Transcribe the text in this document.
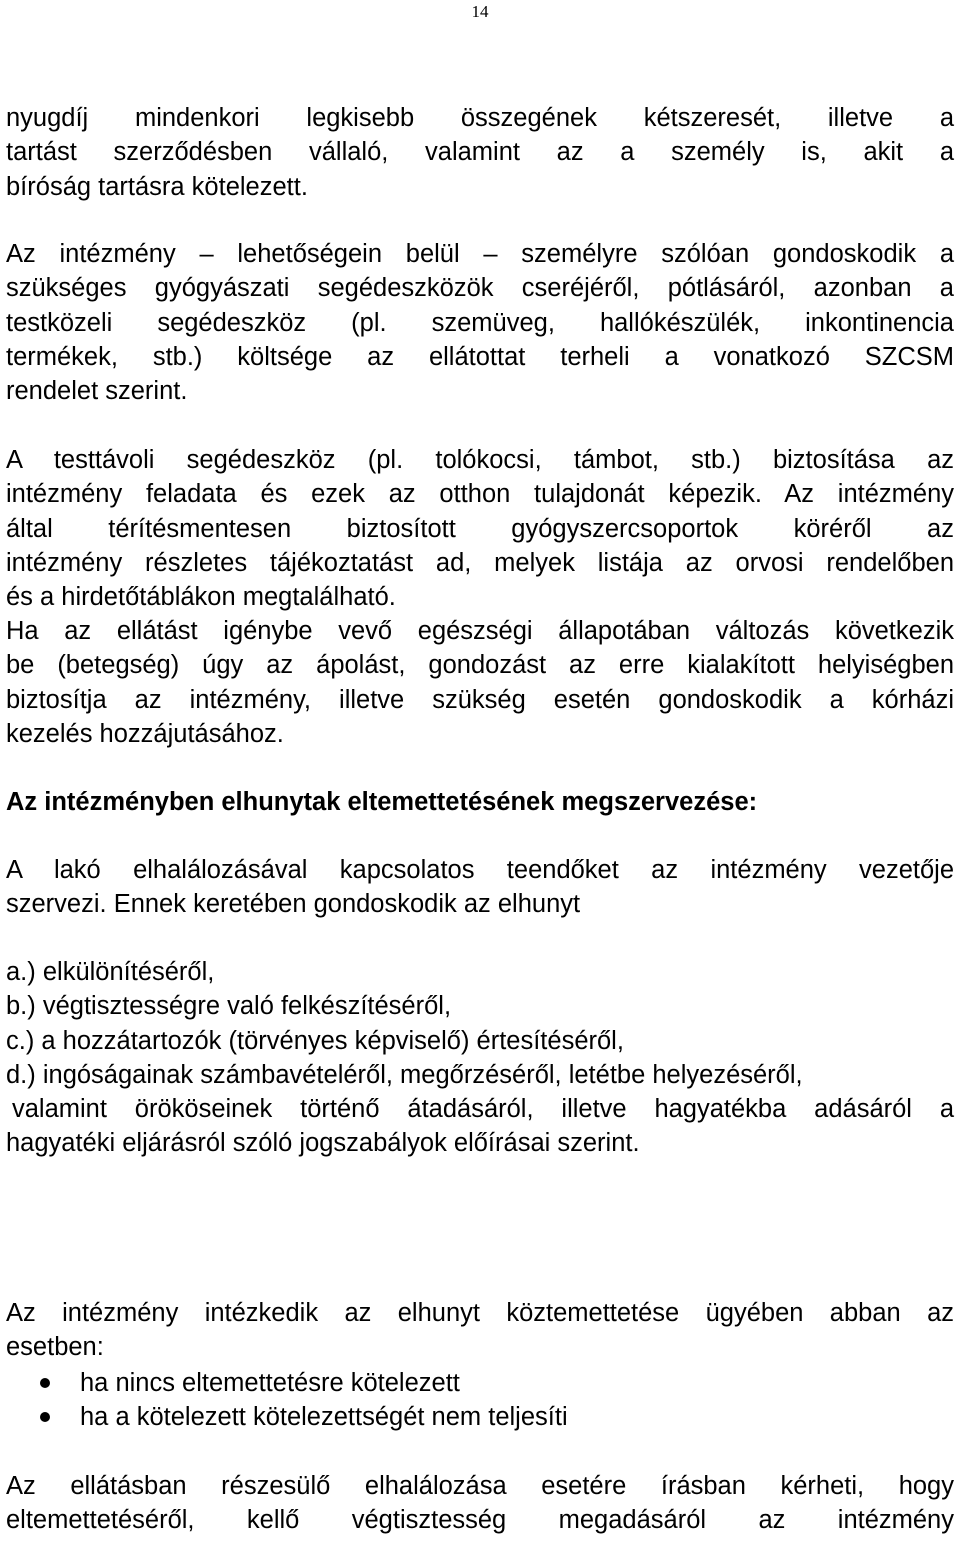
14
nyugdíj mindenkori legkisebb összegének kétszeresét, illetve a
tartást szerződésben vállaló, valamint az a személy is, akit a
bíróság tartásra kötelezett.
Az intézmény – lehetőségein belül – személyre szólóan gondoskodik a
szükséges gyógyászati segédeszközök cseréjéről, pótlásáról, azonban a
testközeli segédeszköz (pl. szemüveg, hallókészülék, inkontinencia
termékek, stb.) költsége az ellátottat terheli a vonatkozó SZCSM
rendelet szerint.
A testtávoli segédeszköz (pl. tolókocsi, támbot, stb.) biztosítása az
intézmény feladata és ezek az otthon tulajdonát képezik. Az intézmény
által térítésmentesen biztosított gyógyszercsoportok köréről az
intézmény részletes tájékoztatást ad, melyek listája az orvosi rendelőben
és a hirdetőtáblákon megtalálható.
Ha az ellátást igénybe vevő egészségi állapotában változás következik
be (betegség) úgy az ápolást, gondozást az erre kialakított helyiségben
biztosítja az intézmény, illetve szükség esetén gondoskodik a kórházi
kezelés hozzájutásához.
Az intézményben elhunytak eltemettetésének megszervezése:
A lakó elhalálozásával kapcsolatos teendőket az intézmény vezetője
szervezi. Ennek keretében gondoskodik az elhunyt
a.) elkülönítéséről,
b.) végtisztességre való felkészítéséről,
c.) a hozzátartozók (törvényes képviselő) értesítéséről,
d.) ingóságainak számbavételéről, megőrzéséről, letétbe helyezéséről,
valamint örököseinek történő átadásáról, illetve hagyatékba adásáról a
hagyatéki eljárásról szóló jogszabályok előírásai szerint.
Az intézmény intézkedik az elhunyt köztemettetése ügyében abban az
esetben:
ha nincs eltemettetésre kötelezett
ha a kötelezett kötelezettségét nem teljesíti
Az ellátásban részesülő elhalálozása esetére írásban kérheti, hogy
eltemettetéséről, kellő végtisztesség megadásáról az intézmény
